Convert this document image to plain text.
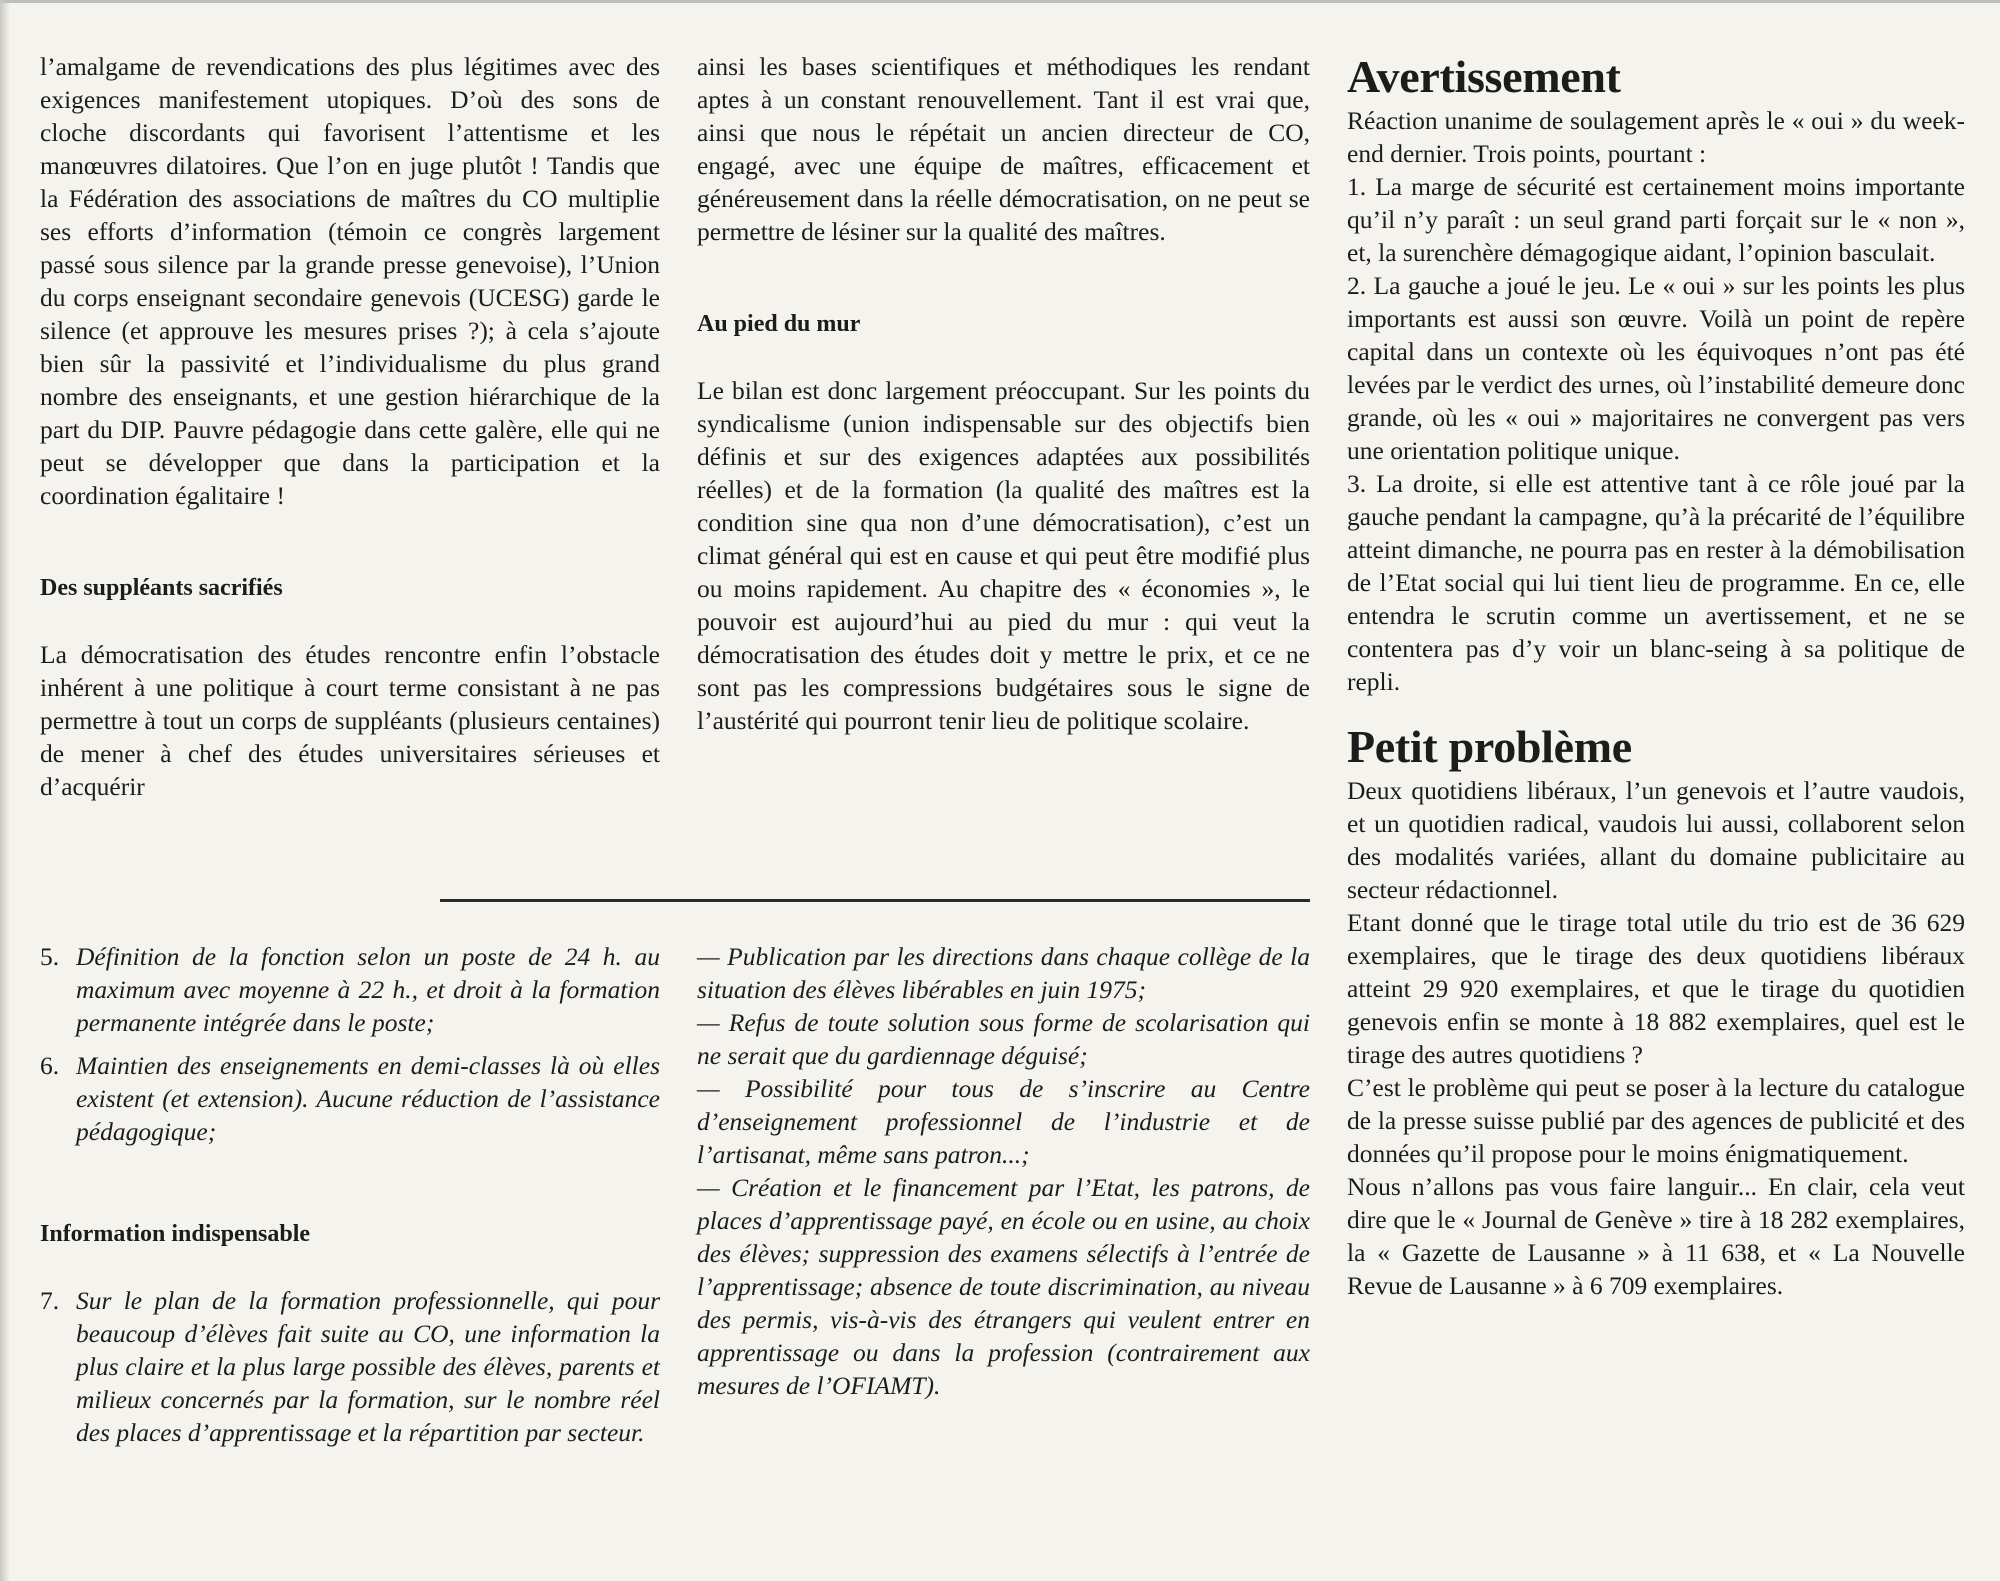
l’amalgame de revendications des plus légitimes avec des exigences manifestement utopiques. D’où des sons de cloche discordants qui favorisent l’attentisme et les manœuvres dilatoires. Que l’on en juge plutôt ! Tandis que la Fédération des associations de maîtres du CO multiplie ses efforts d’information (témoin ce congrès largement passé sous silence par la grande presse genevoise), l’Union du corps enseignant secondaire genevois (UCESG) garde le silence (et approuve les mesures prises ?); à cela s’ajoute bien sûr la passivité et l’individualisme du plus grand nombre des enseignants, et une gestion hiérarchique de la part du DIP. Pauvre pédagogie dans cette galère, elle qui ne peut se développer que dans la participation et la coordination égalitaire !

Des suppléants sacrifiés

La démocratisation des études rencontre enfin l’obstacle inhérent à une politique à court terme consistant à ne pas permettre à tout un corps de suppléants (plusieurs centaines) de mener à chef des études universitaires sérieuses et d’acquérir

ainsi les bases scientifiques et méthodiques les rendant aptes à un constant renouvellement. Tant il est vrai que, ainsi que nous le répétait un ancien directeur de CO, engagé, avec une équipe de maîtres, efficacement et généreusement dans la réelle démocratisation, on ne peut se permettre de lésiner sur la qualité des maîtres.

Au pied du mur

Le bilan est donc largement préoccupant. Sur les points du syndicalisme (union indispensable sur des objectifs bien définis et sur des exigences adaptées aux possibilités réelles) et de la formation (la qualité des maîtres est la condition sine qua non d’une démocratisation), c’est un climat général qui est en cause et qui peut être modifié plus ou moins rapidement. Au chapitre des « économies », le pouvoir est aujourd’hui au pied du mur : qui veut la démocratisation des études doit y mettre le prix, et ce ne sont pas les compressions budgétaires sous le signe de l’austérité qui pourront tenir lieu de politique scolaire.

5. Définition de la fonction selon un poste de 24 h. au maximum avec moyenne à 22 h., et droit à la formation permanente intégrée dans le poste;
6. Maintien des enseignements en demi-classes là où elles existent (et extension). Aucune réduction de l’assistance pédagogique;

Information indispensable

7. Sur le plan de la formation professionnelle, qui pour beaucoup d’élèves fait suite au CO, une information la plus claire et la plus large possible des élèves, parents et milieux concernés par la formation, sur le nombre réel des places d’apprentissage et la répartition par secteur.

— Publication par les directions dans chaque collège de la situation des élèves libérables en juin 1975;

— Refus de toute solution sous forme de scolarisation qui ne serait que du gardiennage déguisé;

— Possibilité pour tous de s’inscrire au Centre d’enseignement professionnel de l’industrie et de l’artisanat, même sans patron...;

— Création et le financement par l’Etat, les patrons, de places d’apprentissage payé, en école ou en usine, au choix des élèves; suppression des examens sélectifs à l’entrée de l’apprentissage; absence de toute discrimination, au niveau des permis, vis-à-vis des étrangers qui veulent entrer en apprentissage ou dans la profession (contrairement aux mesures de l’OFIAMT).

Avertissement

Réaction unanime de soulagement après le « oui » du week-end dernier. Trois points, pourtant :

1. La marge de sécurité est certainement moins importante qu’il n’y paraît : un seul grand parti forçait sur le « non », et, la surenchère démagogique aidant, l’opinion basculait.

2. La gauche a joué le jeu. Le « oui » sur les points les plus importants est aussi son œuvre. Voilà un point de repère capital dans un contexte où les équivoques n’ont pas été levées par le verdict des urnes, où l’instabilité demeure donc grande, où les « oui » majoritaires ne convergent pas vers une orientation politique unique.

3. La droite, si elle est attentive tant à ce rôle joué par la gauche pendant la campagne, qu’à la précarité de l’équilibre atteint dimanche, ne pourra pas en rester à la démobilisation de l’Etat social qui lui tient lieu de programme. En ce, elle entendra le scrutin comme un avertissement, et ne se contentera pas d’y voir un blanc-seing à sa politique de repli.

Petit problème

Deux quotidiens libéraux, l’un genevois et l’autre vaudois, et un quotidien radical, vaudois lui aussi, collaborent selon des modalités variées, allant du domaine publicitaire au secteur rédactionnel.

Etant donné que le tirage total utile du trio est de 36 629 exemplaires, que le tirage des deux quotidiens libéraux atteint 29 920 exemplaires, et que le tirage du quotidien genevois enfin se monte à 18 882 exemplaires, quel est le tirage des autres quotidiens ?

C’est le problème qui peut se poser à la lecture du catalogue de la presse suisse publié par des agences de publicité et des données qu’il propose pour le moins énigmatiquement.

Nous n’allons pas vous faire languir... En clair, cela veut dire que le « Journal de Genève » tire à 18 282 exemplaires, la « Gazette de Lausanne » à 11 638, et « La Nouvelle Revue de Lausanne » à 6 709 exemplaires.
